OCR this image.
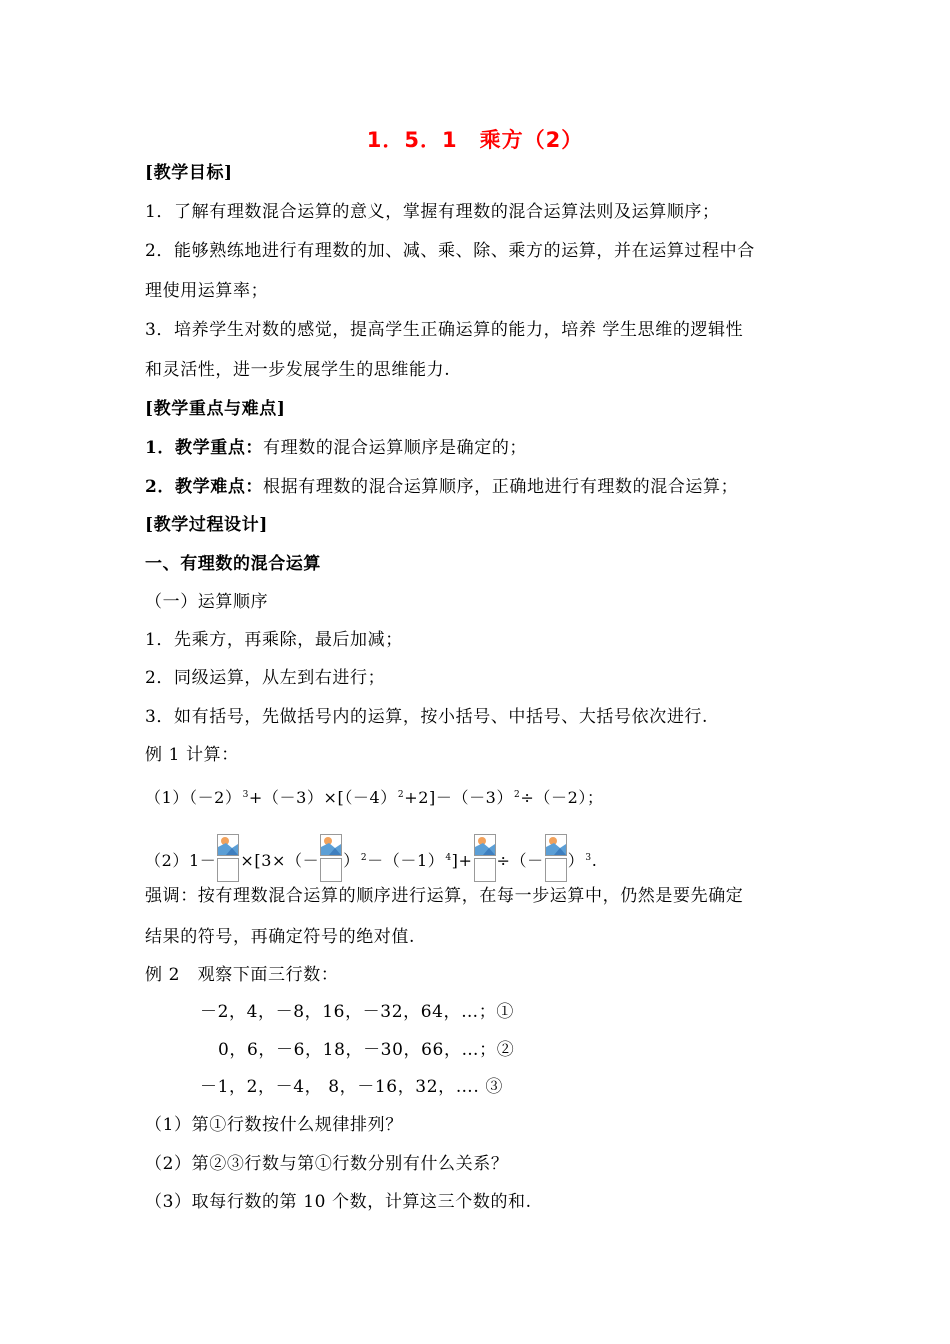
1．5．1　乘方（2）
[教学目标]
1．了解有理数混合运算的意义，掌握有理数的混合运算法则及运算顺序；
2．能够熟练地进行有理数的加、减、乘、除、乘方的运算，并在运算过程中合
理使用运算率；
3．培养学生对数的感觉，提高学生正确运算的能力，培养 学生思维的逻辑性
和灵活性，进一步发展学生的思维能力.
[教学重点与难点]
1．教学重点：有理数的混合运算顺序是确定的；
2．教学难点：根据有理数的混合运算顺序，正确地进行有理数的混合运算；
[教学过程设计]
一、有理数的混合运算
（一）运算顺序
1．先乘方，再乘除，最后加减；
2．同级运算，从左到右进行；
3．如有括号，先做括号内的运算，按小括号、中括号、大括号依次进行.
例 1 计算：
$(1)(-2)^3+(-3)\times[(-4)^2+2]-(-3)^2\div(-2)$；
$(2)1- \times[3\times(- )^2-(-1)^4]+$ ÷（－ ）$^3$.
强调：按有理数混合运算的顺序进行运算，在每一步运算中，仍然是要先确定
结果的符号，再确定符号的绝对值.
例 2　观察下面三行数：
－2，4，－8，16，－32，64，…；①
0，6，－6，18，－30，66，…；②
－1，2，－4， 8，－16，32，…. ③
（1）第①行数按什么规律排列？
（2）第②③行数与第①行数分别有什么关系？
（3）取每行数的第 10 个数，计算这三个数的和.
